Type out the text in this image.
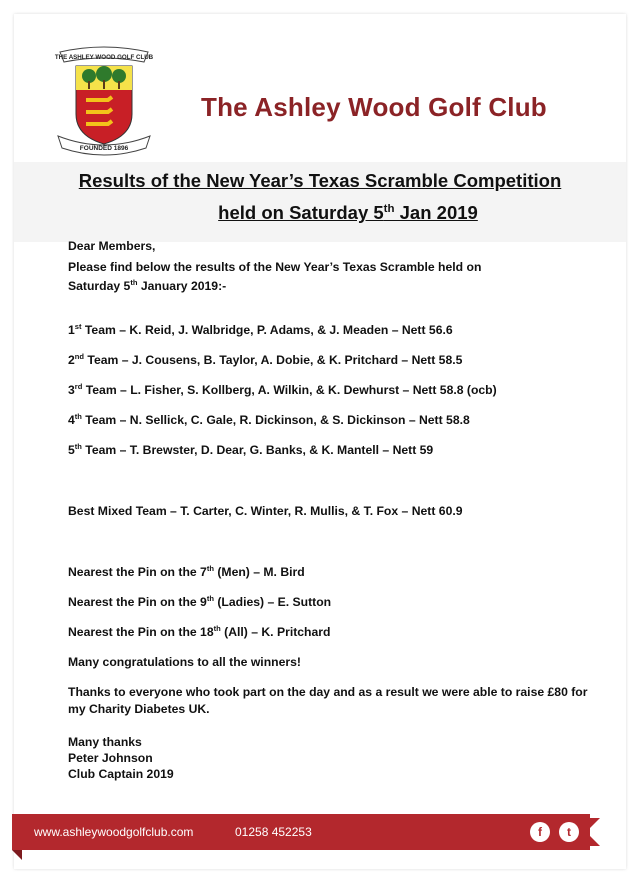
THE ASHLEY WOOD GOLF CLUB
FOUNDED 1896
The Ashley Wood Golf Club
Results of the New Year’s Texas Scramble Competition
held on Saturday 5th Jan 2019
Dear Members,
Please find below the results of the New Year’s Texas Scramble held on
Saturday 5th January 2019:-
1st Team – K. Reid, J. Walbridge, P. Adams, & J. Meaden – Nett 56.6
2nd Team – J. Cousens, B. Taylor, A. Dobie, & K. Pritchard – Nett 58.5
3rd Team – L. Fisher, S. Kollberg, A. Wilkin, & K. Dewhurst – Nett 58.8 (ocb)
4th Team – N. Sellick, C. Gale, R. Dickinson, & S. Dickinson – Nett 58.8
5th Team – T. Brewster, D. Dear, G. Banks, & K. Mantell – Nett 59
Best Mixed Team – T. Carter, C. Winter, R. Mullis, & T. Fox – Nett 60.9
Nearest the Pin on the 7th (Men) – M. Bird
Nearest the Pin on the 9th (Ladies) – E. Sutton
Nearest the Pin on the 18th (All) – K. Pritchard
Many congratulations to all the winners!
Thanks to everyone who took part on the day and as a result we were able to raise £80 for my Charity Diabetes UK.
Many thanks
Peter Johnson
Club Captain 2019
www.ashleywoodgolfclub.com	01258 452253	f	t
